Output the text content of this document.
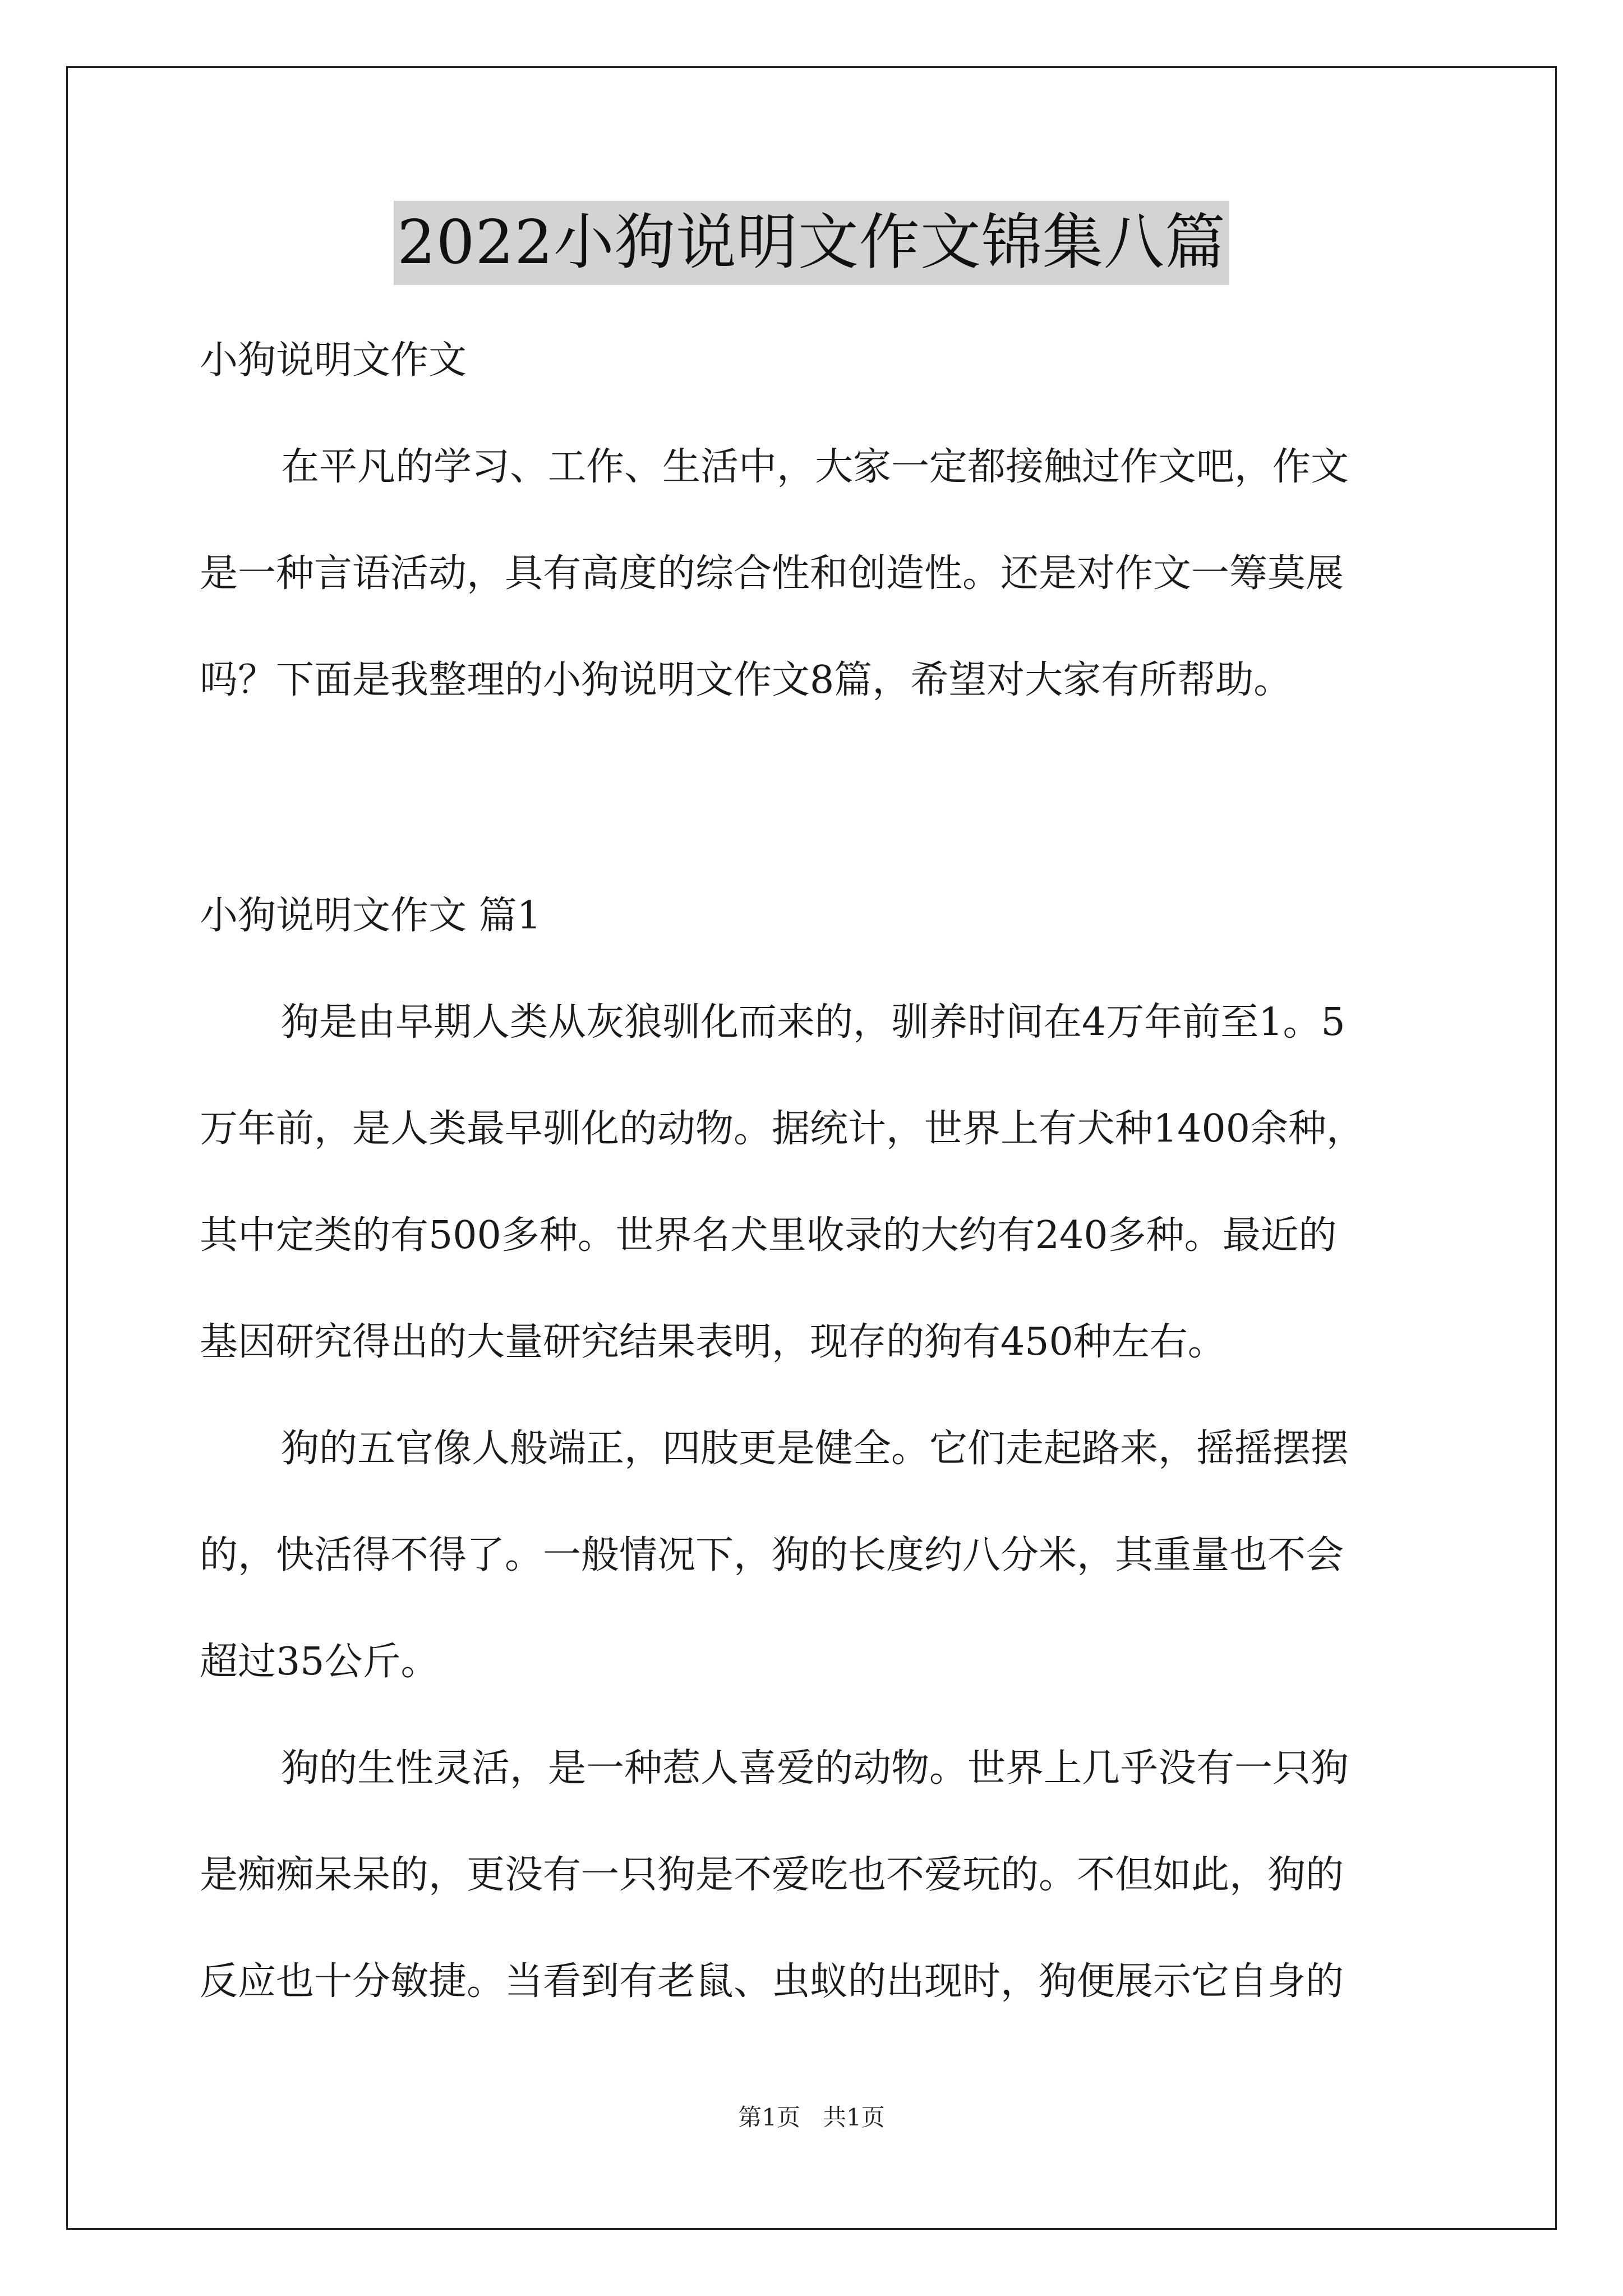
2022小狗说明文作文锦集八篇
小狗说明文作文
在平凡的学习、工作、生活中，大家一定都接触过作文吧，作文
是一种言语活动，具有高度的综合性和创造性。还是对作文一筹莫展
吗？下面是我整理的小狗说明文作文8篇，希望对大家有所帮助。
小狗说明文作文 篇1
狗是由早期人类从灰狼驯化而来的，驯养时间在4万年前至1。5
万年前，是人类最早驯化的动物。据统计，世界上有犬种1400余种，
其中定类的有500多种。世界名犬里收录的大约有240多种。最近的
基因研究得出的大量研究结果表明，现存的狗有450种左右。
狗的五官像人般端正，四肢更是健全。它们走起路来，摇摇摆摆
的，快活得不得了。一般情况下，狗的长度约八分米，其重量也不会
超过35公斤。
狗的生性灵活，是一种惹人喜爱的动物。世界上几乎没有一只狗
是痴痴呆呆的，更没有一只狗是不爱吃也不爱玩的。不但如此，狗的
反应也十分敏捷。当看到有老鼠、虫蚁的出现时，狗便展示它自身的
第1页   共1页
